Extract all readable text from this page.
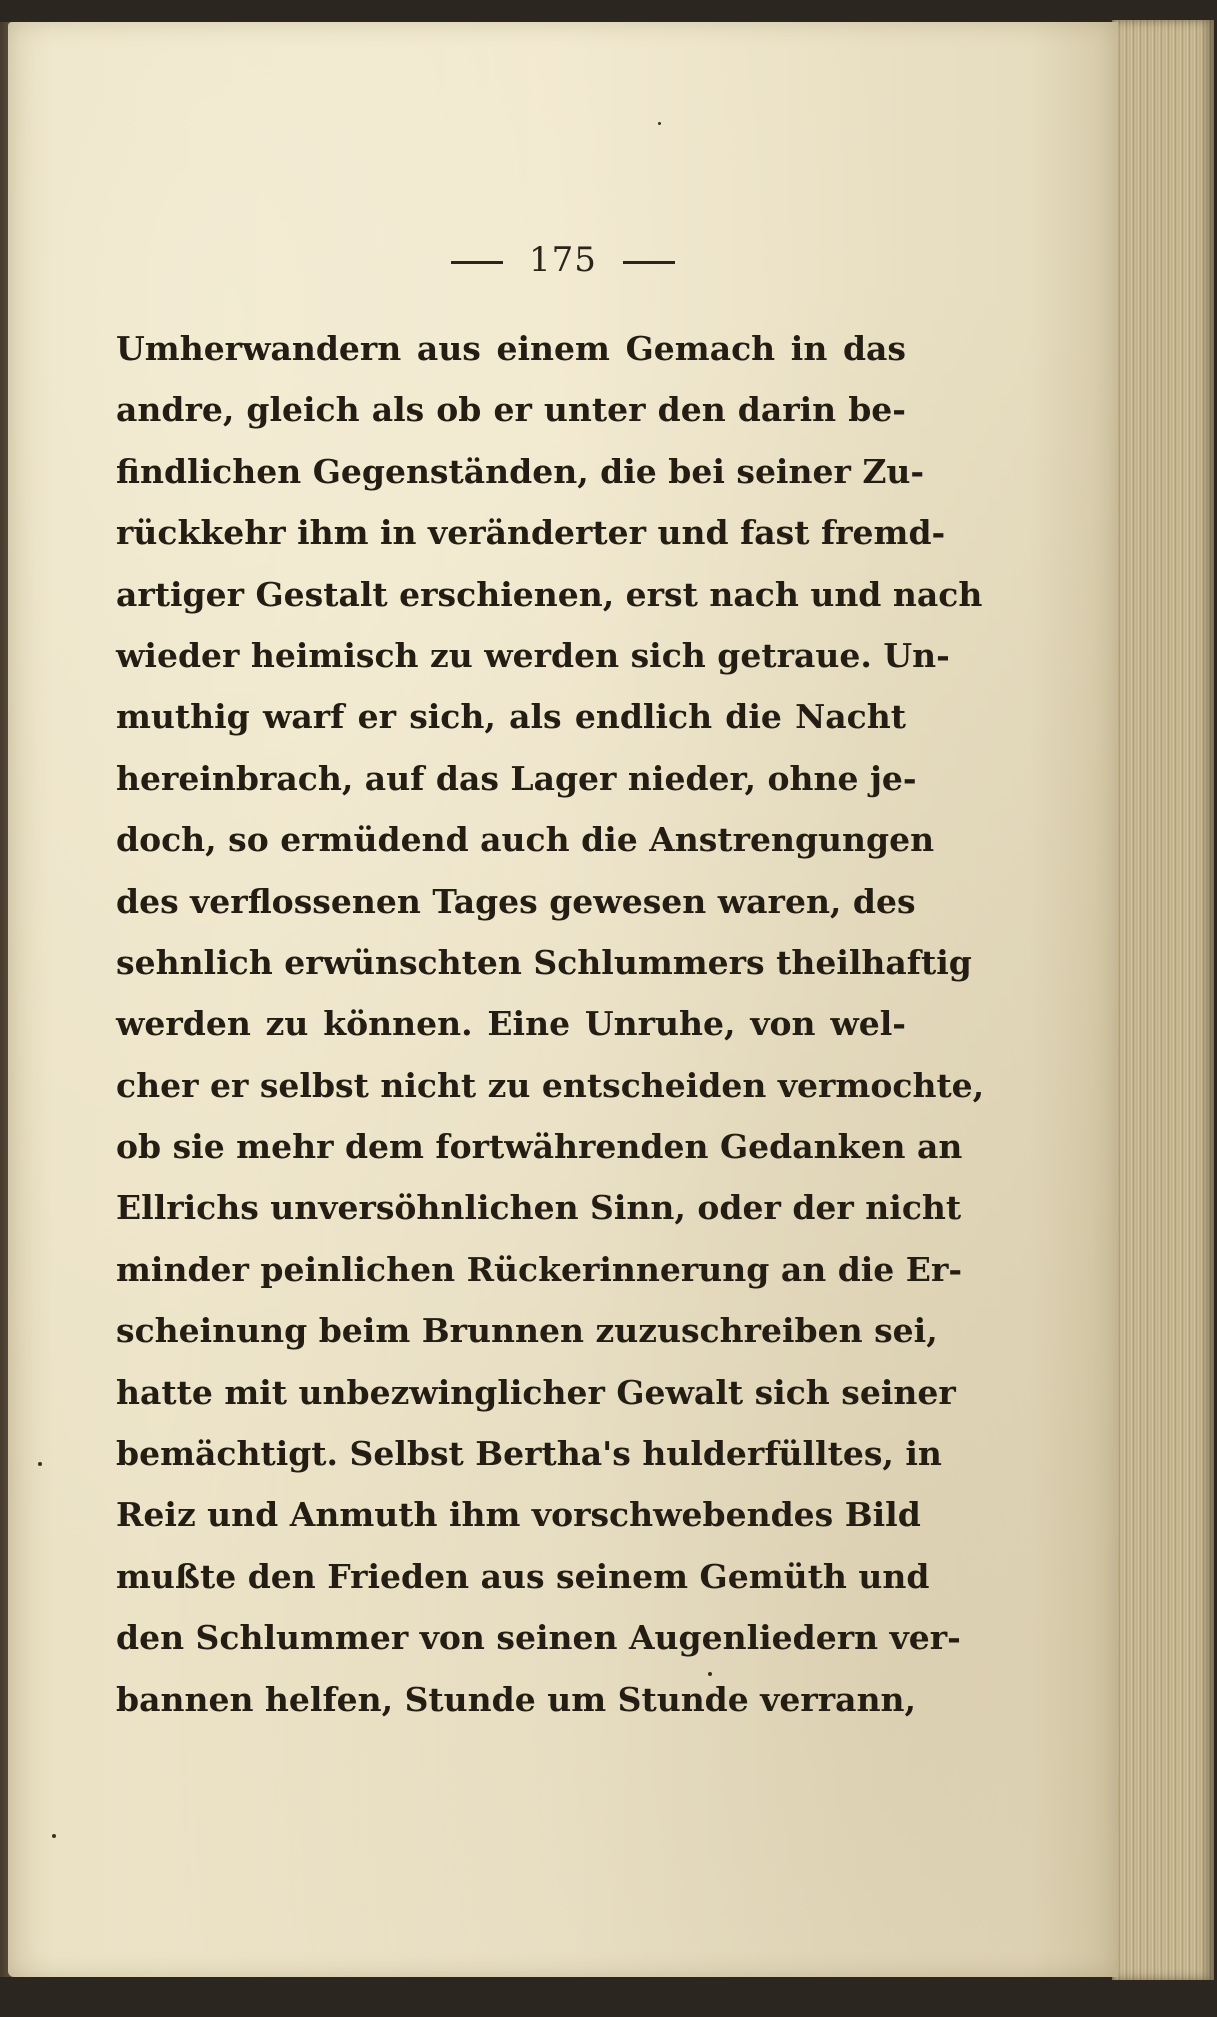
175
Umherwandern aus einem Gemach in das
andre, gleich als ob er unter den darin be-
findlichen Gegenständen, die bei seiner Zu-
rückkehr ihm in veränderter und fast fremd-
artiger Gestalt erschienen, erst nach und nach
wieder heimisch zu werden sich getraue. Un-
muthig warf er sich, als endlich die Nacht
hereinbrach, auf das Lager nieder, ohne je-
doch, so ermüdend auch die Anstrengungen
des verflossenen Tages gewesen waren, des
sehnlich erwünschten Schlummers theilhaftig
werden zu können. Eine Unruhe, von wel-
cher er selbst nicht zu entscheiden vermochte,
ob sie mehr dem fortwährenden Gedanken an
Ellrichs unversöhnlichen Sinn, oder der nicht
minder peinlichen Rückerinnerung an die Er-
scheinung beim Brunnen zuzuschreiben sei,
hatte mit unbezwinglicher Gewalt sich seiner
bemächtigt. Selbst Bertha's hulderfülltes, in
Reiz und Anmuth ihm vorschwebendes Bild
mußte den Frieden aus seinem Gemüth und
den Schlummer von seinen Augenliedern ver-
bannen helfen, Stunde um Stunde verrann,
